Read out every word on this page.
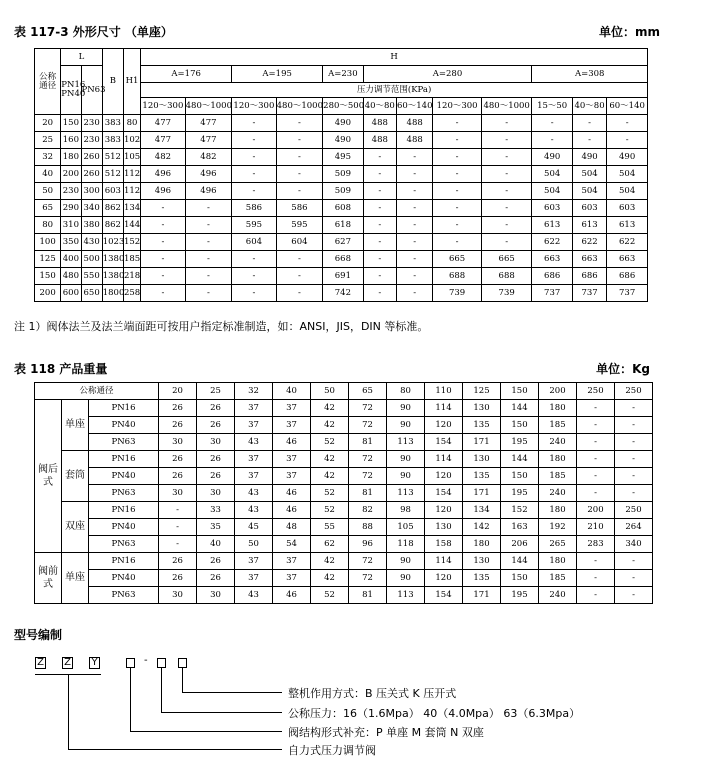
表 117-3 外形尺寸 （单座）	单位：mm
公称通径	L		B	H1	H											
	PN16 PN40	PN63			A=176		A=195		A=230	A=280				A=308		
					压力调节范围(KPa)											
					120～300	480～1000	120～300	480～1000	280～500	40～80	60～140	120～300	480～1000	15～50	40～80	60～140
20	150	230	383	80	477	477	-	-	490	488	488	-	-	-	-	-
25	160	230	383	102	477	477	-	-	490	488	488	-	-	-	-	-
32	180	260	512	105	482	482	-	-	495	-	-	-	-	490	490	490
40	200	260	512	112	496	496	-	-	509	-	-	-	-	504	504	504
50	230	300	603	112	496	496	-	-	509	-	-	-	-	504	504	504
65	290	340	862	134	-	-	586	586	608	-	-	-	-	603	603	603
80	310	380	862	144	-	-	595	595	618	-	-	-	-	613	613	613
100	350	430	1023	152	-	-	604	604	627	-	-	-	-	622	622	622
125	400	500	1380	185	-	-	-	-	668	-	-	665	665	663	663	663
150	480	550	1380	218	-	-	-	-	691	-	-	688	688	686	686	686
200	600	650	1800	258	-	-	-	-	742	-	-	739	739	737	737	737
注 1）阀体法兰及法兰端面距可按用户指定标准制造，如：ANSI，JIS，DIN 等标准。
表 118 产品重量	单位：Kg
公称通径			20	25	32	40	50	65	80	110	125	150	200	250	250
阀后式	单座	PN16	26	26	37	37	42	72	90	114	130	144	180	-	-
		PN40	26	26	37	37	42	72	90	120	135	150	185	-	-
		PN63	30	30	43	46	52	81	113	154	171	195	240	-	-
	套筒	PN16	26	26	37	37	42	72	90	114	130	144	180	-	-
		PN40	26	26	37	37	42	72	90	120	135	150	185	-	-
		PN63	30	30	43	46	52	81	113	154	171	195	240	-	-
	双座	PN16	-	33	43	46	52	82	98	120	134	152	180	200	250
		PN40	-	35	45	48	55	88	105	130	142	163	192	210	264
		PN63	-	40	50	54	62	96	118	158	180	206	265	283	340
阀前式	单座	PN16	26	26	37	37	42	72	90	114	130	144	180	-	-
		PN40	26	26	37	37	42	72	90	120	135	150	185	-	-
		PN63	30	30	43	46	52	81	113	154	171	195	240	-	-
型号编制
Z Z Y	-
整机作用方式：B 压关式 K 压开式
公称压力：16（1.6Mpa） 40（4.0Mpa） 63（6.3Mpa）
阀结构形式补充：P 单座 M 套筒 N 双座
自力式压力调节阀
